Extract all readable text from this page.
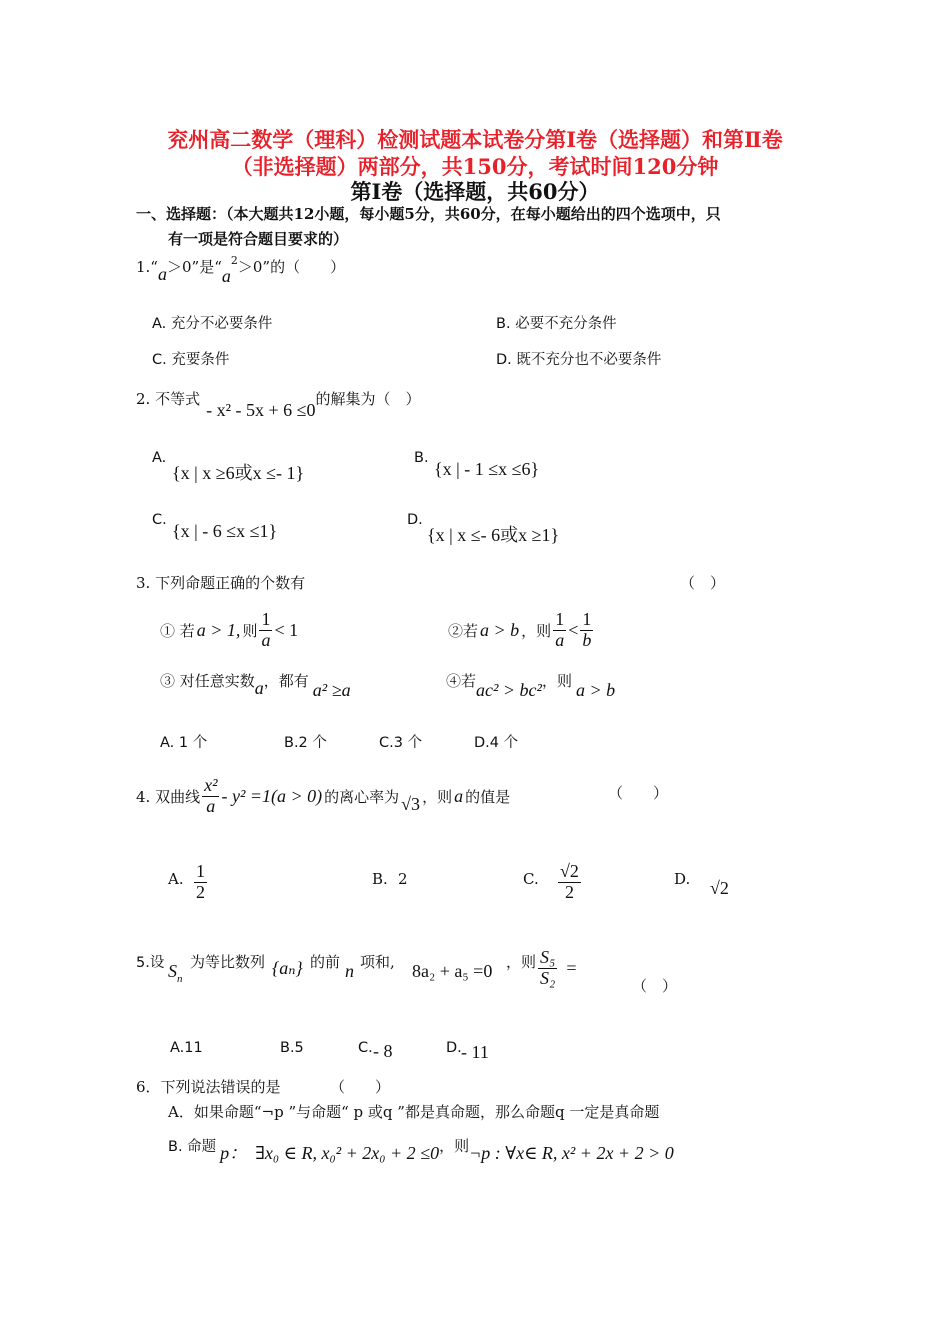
兖州高二数学（理科）检测试题本试卷分第Ⅰ卷（选择题）和第Ⅱ卷
（非选择题）两部分，共150分，考试时间120分钟
第Ⅰ卷（选择题，共60分）
一、选择题：（本大题共12小题，每小题5分，共60分，在每小题给出的四个选项中，只
有一项是符合题目要求的）
1.“a＞0”是“$a^2>0$”的（　　）
A. 充分不必要条件	B. 必要不充分条件
C. 充要条件	D. 既不充分也不必要条件
2. 不等式- x² - 5x + 6 ≤0的解集为（　）
A.
{x | x ≥6或x ≤- 1}
B.
{x | - 1 ≤x ≤6}
C.
{x | - 6 ≤x ≤1}
D.
{x | x ≤- 6或x ≥1}
3. 下列命题正确的个数有	（　）
① 若 a > 1, 则 $\frac{1}{a} < 1$	②若 a > b ，则 $\frac{1}{a} < \frac{1}{b}$
③ 对任意实数a，都有 a² ≥a	④若ac² > bc²，则 a > b
A. 1 个	B.2 个	C.3 个	D.4 个
4. 双曲线 $\frac{\text{x²}}{a} - y^2 =1(a > 0)$ 的离心率为 √3 ，则 a 的值是	（　　）
A. $\frac{1}{2}$	B. 2	C. $\frac{√2}{2}$	D. √2
5.设 $S_n$
为等比数列 {aₙ} 的前 n 项和, 8a₂ + a₅ =0 ，则 $\frac{\text{S₅}}{\text{S₂}}$ =
（　）
A.11	B.5	C. - 8	D. - 11
6．下列说法错误的是	（　　）
A．如果命题“¬p ”与命题“ p 或q ”都是真命题，那么命题q 一定是真命题
B. 命题 p： ∃x₀ ∈ R, x₀² + 2x₀ + 2 ≤0，则¬p : ∀x∈ R, x² + 2x + 2 > 0
